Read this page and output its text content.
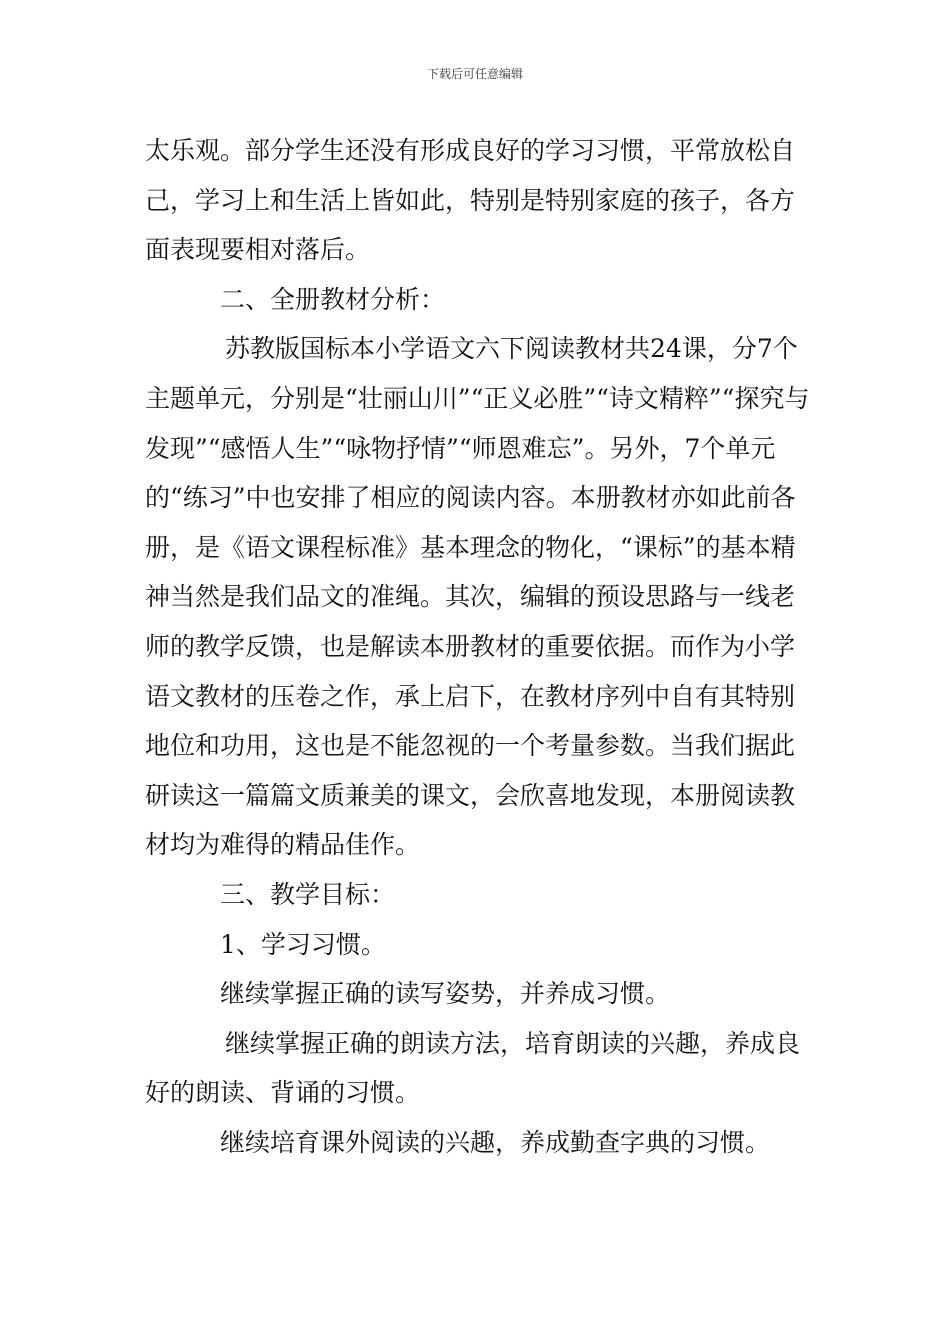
下载后可任意编辑

太乐观。部分学生还没有形成良好的学习习惯，平常放松自己，学习上和生活上皆如此，特别是特别家庭的孩子，各方面表现要相对落后。

二、全册教材分析：

苏教版国标本小学语文六下阅读教材共24课，分7个主题单元，分别是“壮丽山川”“正义必胜”“诗文精粹”“探究与发现”“感悟人生”“咏物抒情”“师恩难忘”。另外，7个单元的“练习”中也安排了相应的阅读内容。本册教材亦如此前各册，是《语文课程标准》基本理念的物化，“课标”的基本精神当然是我们品文的准绳。其次，编辑的预设思路与一线老师的教学反馈，也是解读本册教材的重要依据。而作为小学语文教材的压卷之作，承上启下，在教材序列中自有其特别地位和功用，这也是不能忽视的一个考量参数。当我们据此研读这一篇篇文质兼美的课文，会欣喜地发现，本册阅读教材均为难得的精品佳作。

三、教学目标：

1、学习习惯。

继续掌握正确的读写姿势，并养成习惯。

继续掌握正确的朗读方法，培育朗读的兴趣，养成良好的朗读、背诵的习惯。

继续培育课外阅读的兴趣，养成勤查字典的习惯。
